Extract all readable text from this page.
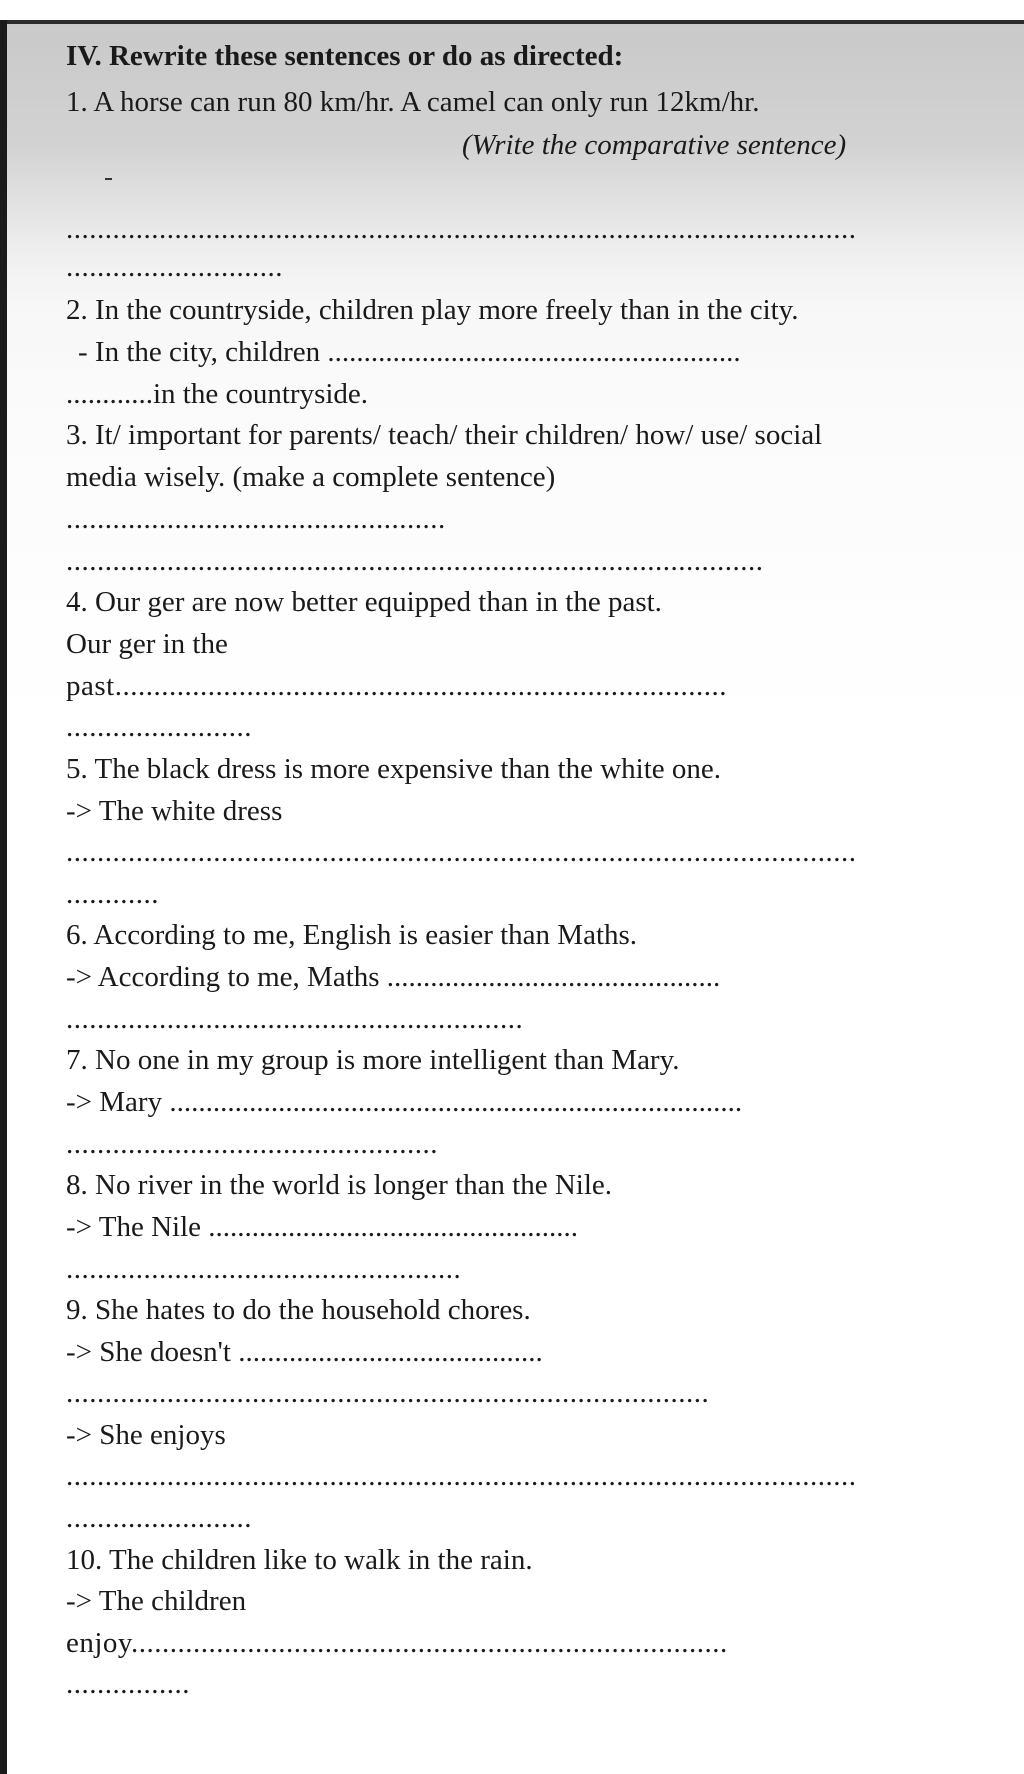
IV. Rewrite these sentences or do as directed:

1. A horse can run 80 km/hr. A camel can only run 12km/hr.

(Write the comparative sentence)

......................................................................................................

............................

2. In the countryside, children play more freely than in the city.

- In the city, children .........................................................

............in the countryside.

3. It/ important for parents/ teach/ their children/ how/ use/ social

media wisely. (make a complete sentence)

.................................................

..........................................................................................

4. Our ger are now better equipped than in the past.

Our ger in the

past...............................................................................

........................

5. The black dress is more expensive than the white one.

-> The white dress

......................................................................................................

............

6. According to me, English is easier than Maths.

-> According to me, Maths ..............................................

...........................................................

7. No one in my group is more intelligent than Mary.

-> Mary ...............................................................................

................................................

8. No river in the world is longer than the Nile.

-> The Nile ...................................................

...................................................

9. She hates to do the household chores.

-> She doesn't ..........................................

...................................................................................

-> She enjoys

......................................................................................................

........................

10. The children like to walk in the rain.

-> The children

enjoy.............................................................................

................
